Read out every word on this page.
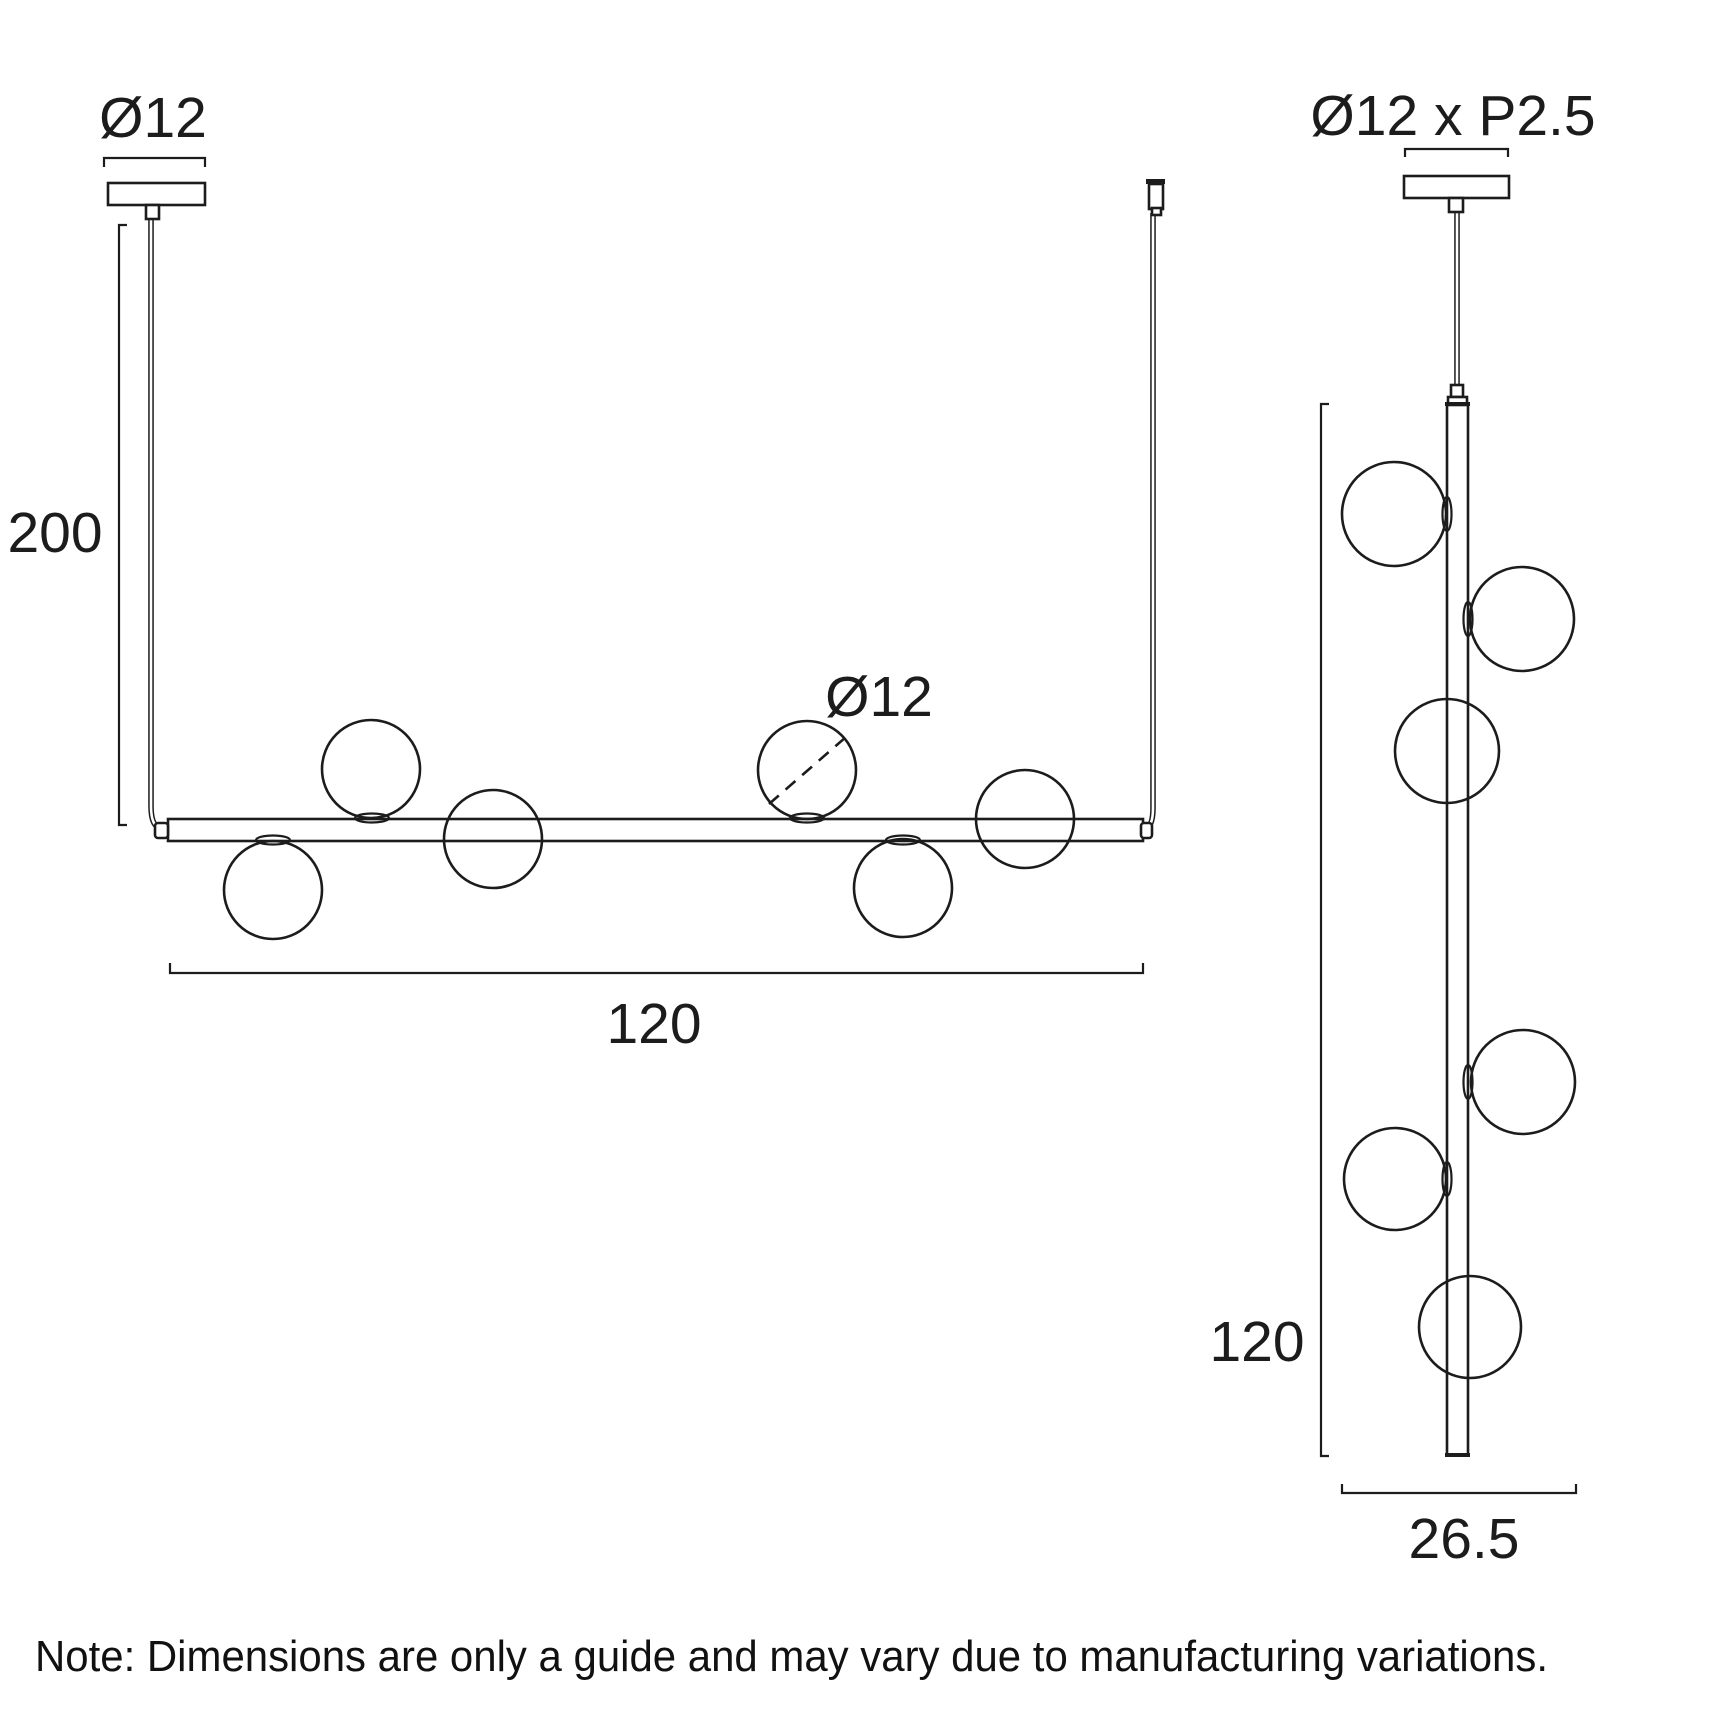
Ø12
200
120
Ø12
Ø12 x P2.5
120
26.5
Note: Dimensions are only a guide and may vary due to manufacturing variations.
